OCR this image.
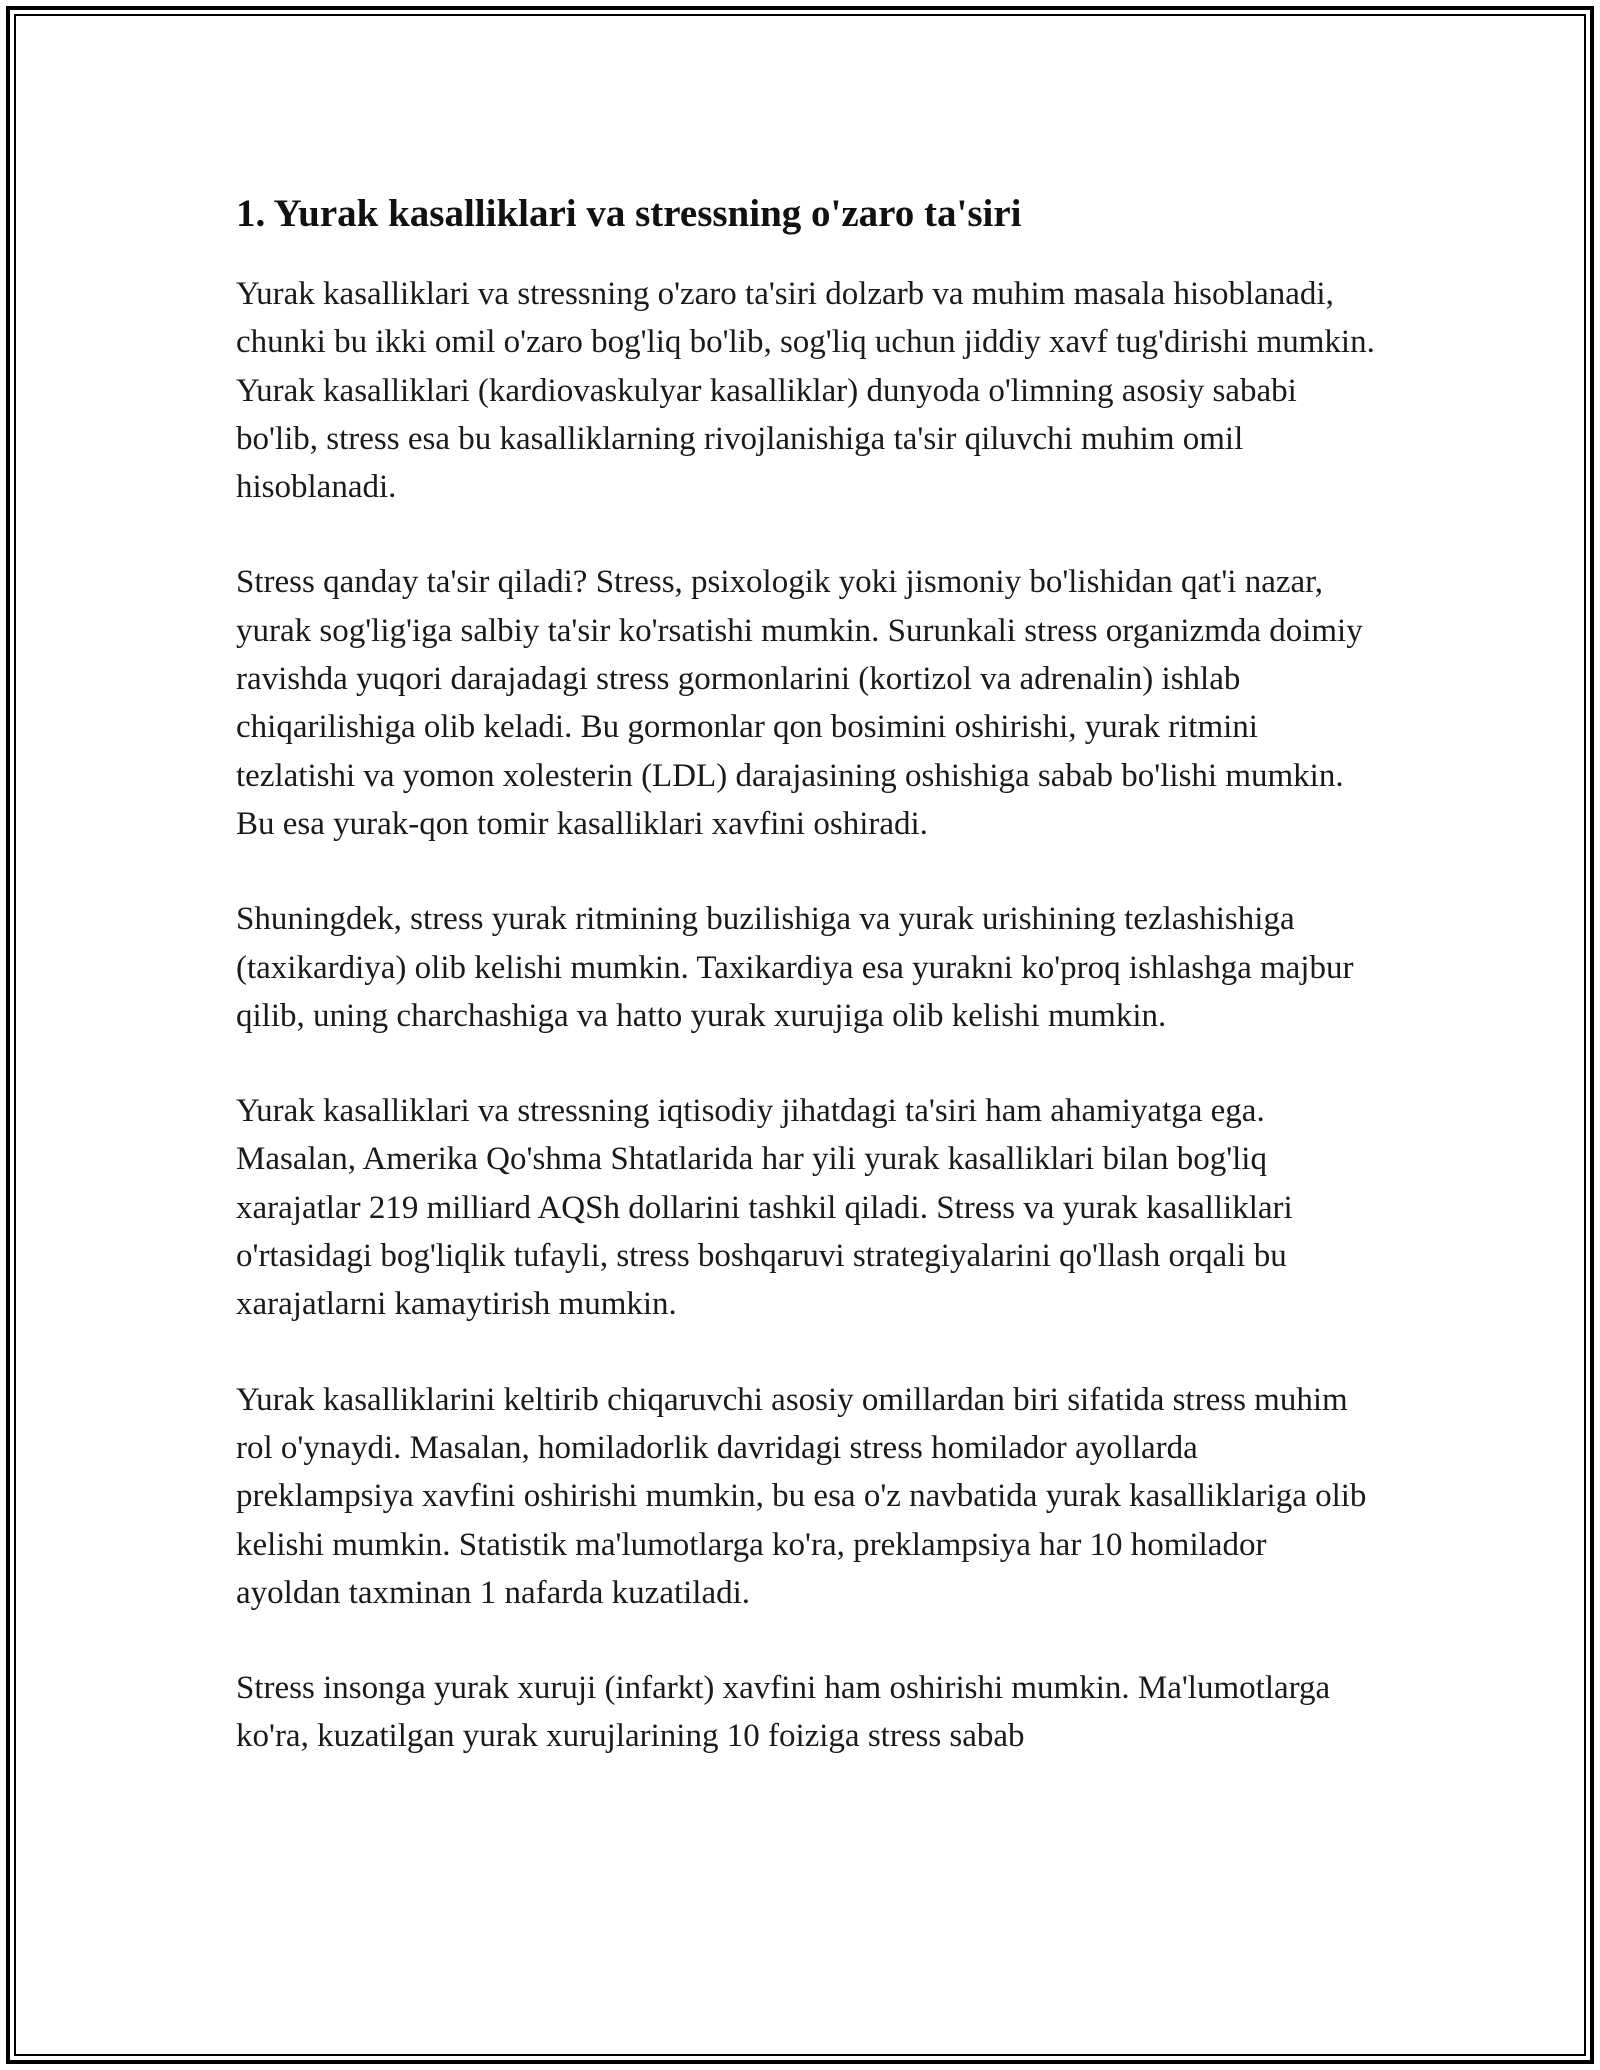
1. Yurak kasalliklari va stressning o'zaro ta'siri

Yurak kasalliklari va stressning o'zaro ta'siri dolzarb va muhim masala hisoblanadi, chunki bu ikki omil o'zaro bog'liq bo'lib, sog'liq uchun jiddiy xavf tug'dirishi mumkin. Yurak kasalliklari (kardiovaskulyar kasalliklar) dunyoda o'limning asosiy sababi bo'lib, stress esa bu kasalliklarning rivojlanishiga ta'sir qiluvchi muhim omil hisoblanadi.

Stress qanday ta'sir qiladi? Stress, psixologik yoki jismoniy bo'lishidan qat'i nazar, yurak sog'lig'iga salbiy ta'sir ko'rsatishi mumkin. Surunkali stress organizmda doimiy ravishda yuqori darajadagi stress gormonlarini (kortizol va adrenalin) ishlab chiqarilishiga olib keladi. Bu gormonlar qon bosimini oshirishi, yurak ritmini tezlatishi va yomon xolesterin (LDL) darajasining oshishiga sabab bo'lishi mumkin. Bu esa yurak-qon tomir kasalliklari xavfini oshiradi.

Shuningdek, stress yurak ritmining buzilishiga va yurak urishining tezlashishiga (taxikardiya) olib kelishi mumkin. Taxikardiya esa yurakni ko'proq ishlashga majbur qilib, uning charchashiga va hatto yurak xurujiga olib kelishi mumkin.

Yurak kasalliklari va stressning iqtisodiy jihatdagi ta'siri ham ahamiyatga ega. Masalan, Amerika Qo'shma Shtatlarida har yili yurak kasalliklari bilan bog'liq xarajatlar 219 milliard AQSh dollarini tashkil qiladi. Stress va yurak kasalliklari o'rtasidagi bog'liqlik tufayli, stress boshqaruvi strategiyalarini qo'llash orqali bu xarajatlarni kamaytirish mumkin.

Yurak kasalliklarini keltirib chiqaruvchi asosiy omillardan biri sifatida stress muhim rol o'ynaydi. Masalan, homiladorlik davridagi stress homilador ayollarda preklampsiya xavfini oshirishi mumkin, bu esa o'z navbatida yurak kasalliklariga olib kelishi mumkin. Statistik ma'lumotlarga ko'ra, preklampsiya har 10 homilador ayoldan taxminan 1 nafarda kuzatiladi.

Stress insonga yurak xuruji (infarkt) xavfini ham oshirishi mumkin. Ma'lumotlarga ko'ra, kuzatilgan yurak xurujlarining 10 foiziga stress sabab
